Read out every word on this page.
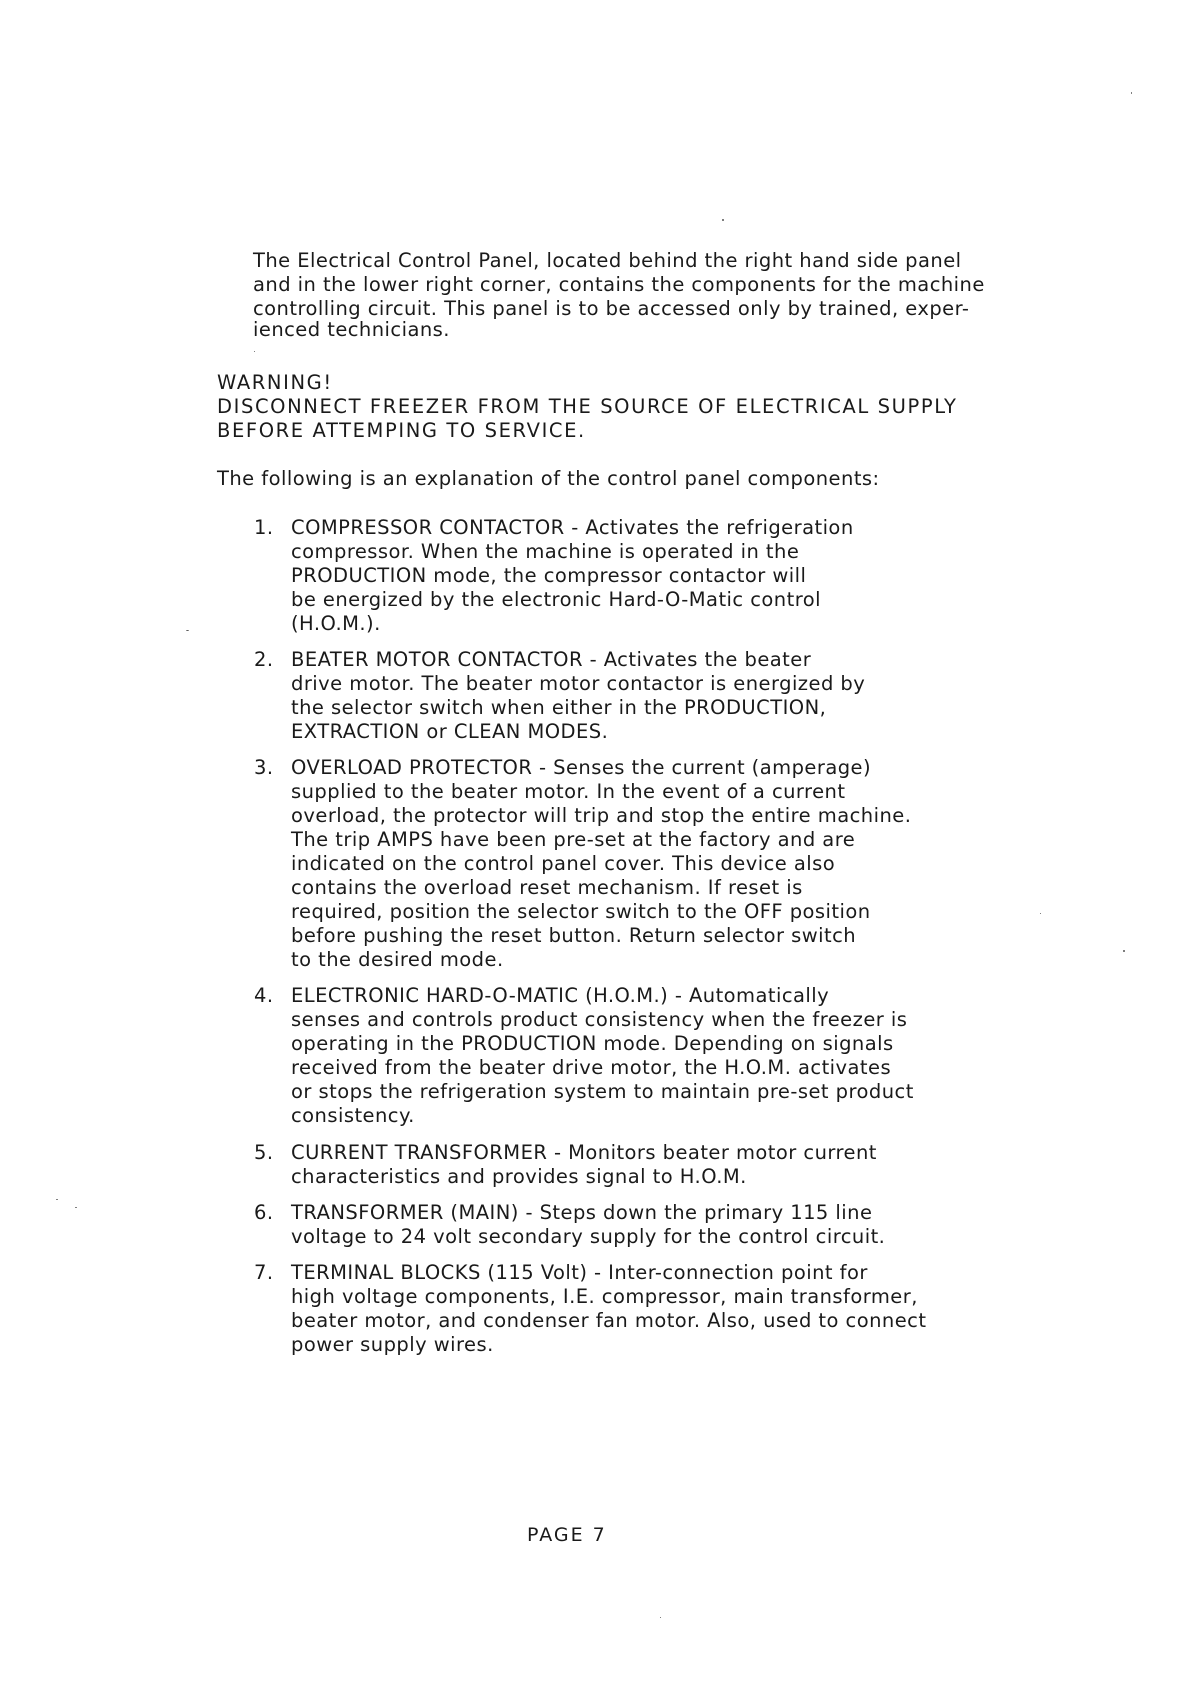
The Electrical Control Panel, located behind the right hand side panel
and in the lower right corner, contains the components for the machine
controlling circuit. This panel is to be accessed only by trained, exper-
ienced technicians.
WARNING!
DISCONNECT FREEZER FROM THE SOURCE OF ELECTRICAL SUPPLY
BEFORE ATTEMPING TO SERVICE.
The following is an explanation of the control panel components:
1. COMPRESSOR CONTACTOR - Activates the refrigeration
compressor. When the machine is operated in the
PRODUCTION mode, the compressor contactor will
be energized by the electronic Hard-O-Matic control
(H.O.M.).
2. BEATER MOTOR CONTACTOR - Activates the beater
drive motor. The beater motor contactor is energized by
the selector switch when either in the PRODUCTION,
EXTRACTION or CLEAN MODES.
3. OVERLOAD PROTECTOR - Senses the current (amperage)
supplied to the beater motor. In the event of a current
overload, the protector will trip and stop the entire machine.
The trip AMPS have been pre-set at the factory and are
indicated on the control panel cover. This device also
contains the overload reset mechanism. If reset is
required, position the selector switch to the OFF position
before pushing the reset button. Return selector switch
to the desired mode.
4. ELECTRONIC HARD-O-MATIC (H.O.M.) - Automatically
senses and controls product consistency when the freezer is
operating in the PRODUCTION mode. Depending on signals
received from the beater drive motor, the H.O.M. activates
or stops the refrigeration system to maintain pre-set product
consistency.
5. CURRENT TRANSFORMER - Monitors beater motor current
characteristics and provides signal to H.O.M.
6. TRANSFORMER (MAIN) - Steps down the primary 115 line
voltage to 24 volt secondary supply for the control circuit.
7. TERMINAL BLOCKS (115 Volt) - Inter-connection point for
high voltage components, I.E. compressor, main transformer,
beater motor, and condenser fan motor. Also, used to connect
power supply wires.
PAGE 7
